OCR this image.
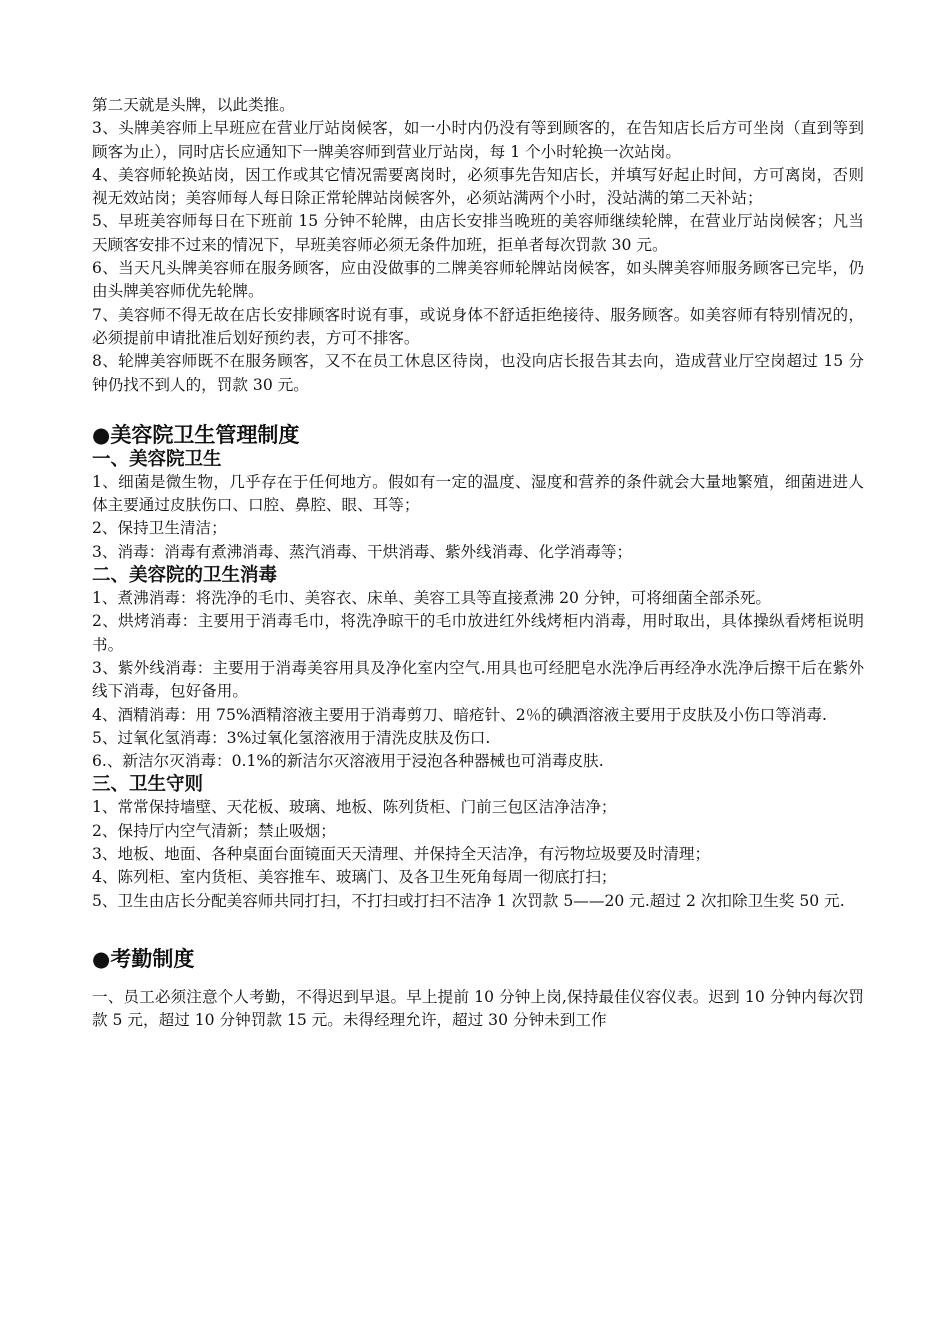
第二天就是头牌，以此类推。

3、头牌美容师上早班应在营业厅站岗候客，如一小时内仍没有等到顾客的，在告知店长后方可坐岗（直到等到顾客为止），同时店长应通知下一牌美容师到营业厅站岗，每 1 个小时轮换一次站岗。

4、美容师轮换站岗，因工作或其它情况需要离岗时，必须事先告知店长，并填写好起止时间，方可离岗，否则视无效站岗；美容师每人每日除正常轮牌站岗候客外，必须站满两个小时，没站满的第二天补站；

5、早班美容师每日在下班前 15 分钟不轮牌，由店长安排当晚班的美容师继续轮牌，在营业厅站岗候客；凡当天顾客安排不过来的情况下，早班美容师必须无条件加班，拒单者每次罚款 30 元。

6、当天凡头牌美容师在服务顾客，应由没做事的二牌美容师轮牌站岗候客，如头牌美容师服务顾客已完毕，仍由头牌美容师优先轮牌。

7、美容师不得无故在店长安排顾客时说有事，或说身体不舒适拒绝接待、服务顾客。如美容师有特别情况的，必须提前申请批准后划好预约表，方可不排客。

8、轮牌美容师既不在服务顾客，又不在员工休息区待岗，也没向店长报告其去向，造成营业厅空岗超过 15 分钟仍找不到人的，罚款 30 元。

●美容院卫生管理制度
一、美容院卫生

1、细菌是微生物，几乎存在于任何地方。假如有一定的温度、湿度和营养的条件就会大量地繁殖，细菌进进人体主要通过皮肤伤口、口腔、鼻腔、眼、耳等；

2、保持卫生清洁；

3、消毒：消毒有煮沸消毒、蒸汽消毒、干烘消毒、紫外线消毒、化学消毒等；

二、美容院的卫生消毒

1、煮沸消毒：将洗净的毛巾、美容衣、床单、美容工具等直接煮沸 20 分钟，可将细菌全部杀死。

2、烘烤消毒：主要用于消毒毛巾，将洗净晾干的毛巾放进红外线烤柜内消毒，用时取出，具体操纵看烤柜说明书。

3、紫外线消毒：主要用于消毒美容用具及净化室内空气.用具也可经肥皂水洗净后再经净水洗净后擦干后在紫外线下消毒，包好备用。

4、酒精消毒：用 75%酒精溶液主要用于消毒剪刀、暗疮针、2％的碘酒溶液主要用于皮肤及小伤口等消毒.

5、过氧化氢消毒：3%过氧化氢溶液用于清洗皮肤及伤口.

6.、新洁尔灭消毒：0.1%的新洁尔灭溶液用于浸泡各种器械也可消毒皮肤.

三、卫生守则

1、常常保持墙壁、天花板、玻璃、地板、陈列货柜、门前三包区洁净洁净；

2、保持厅内空气清新；禁止吸烟；

3、地板、地面、各种桌面台面镜面天天清理、并保持全天洁净，有污物垃圾要及时清理；

4、陈列柜、室内货柜、美容推车、玻璃门、及各卫生死角每周一彻底打扫；

5、卫生由店长分配美容师共同打扫，不打扫或打扫不洁净 1 次罚款 5——20 元.超过 2 次扣除卫生奖 50 元.

●考勤制度

一、员工必须注意个人考勤，不得迟到早退。早上提前 10 分钟上岗,保持最佳仪容仪表。迟到 10 分钟内每次罚款 5 元，超过 10 分钟罚款 15 元。未得经理允许，超过 30 分钟未到工作
